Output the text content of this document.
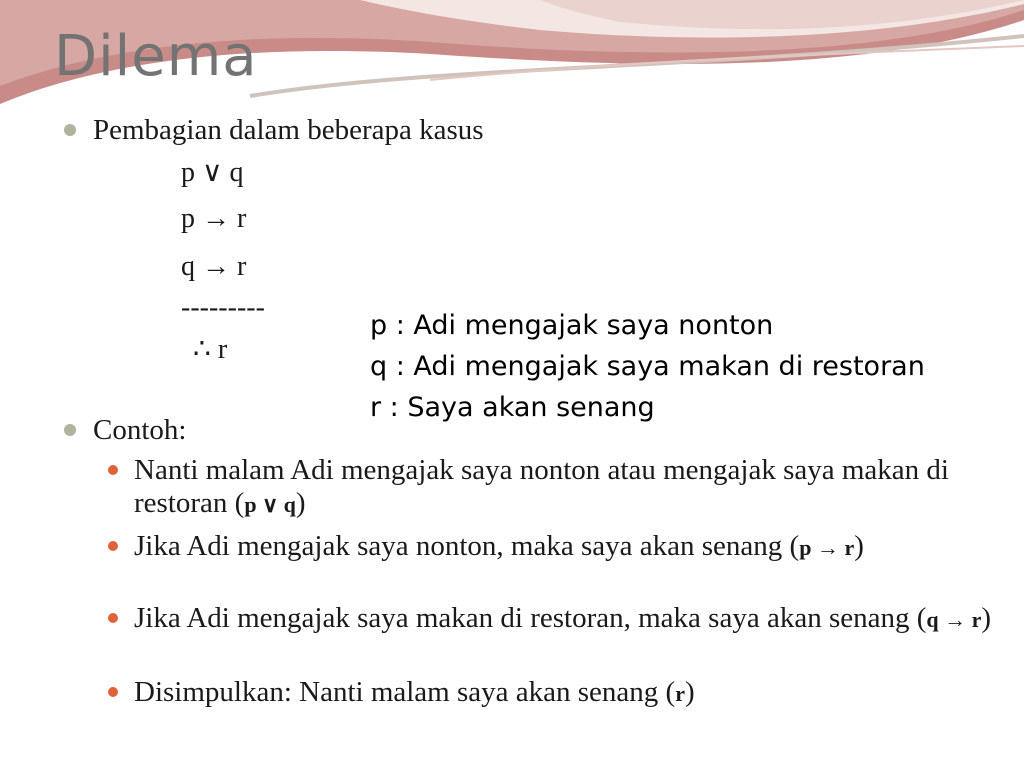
Dilema
Pembagian dalam beberapa kasus
p ∨ q
p → r
q → r
---------
∴ r
p : Adi mengajak saya nonton
q : Adi mengajak saya makan di restoran
r : Saya akan senang
Contoh:
Nanti malam Adi mengajak saya nonton atau mengajak saya makan di restoran (p ∨ q)
Jika Adi mengajak saya nonton, maka saya akan senang (p → r)
Jika Adi mengajak saya makan di restoran, maka saya akan senang (q → r)
Disimpulkan: Nanti malam saya akan senang (r)
